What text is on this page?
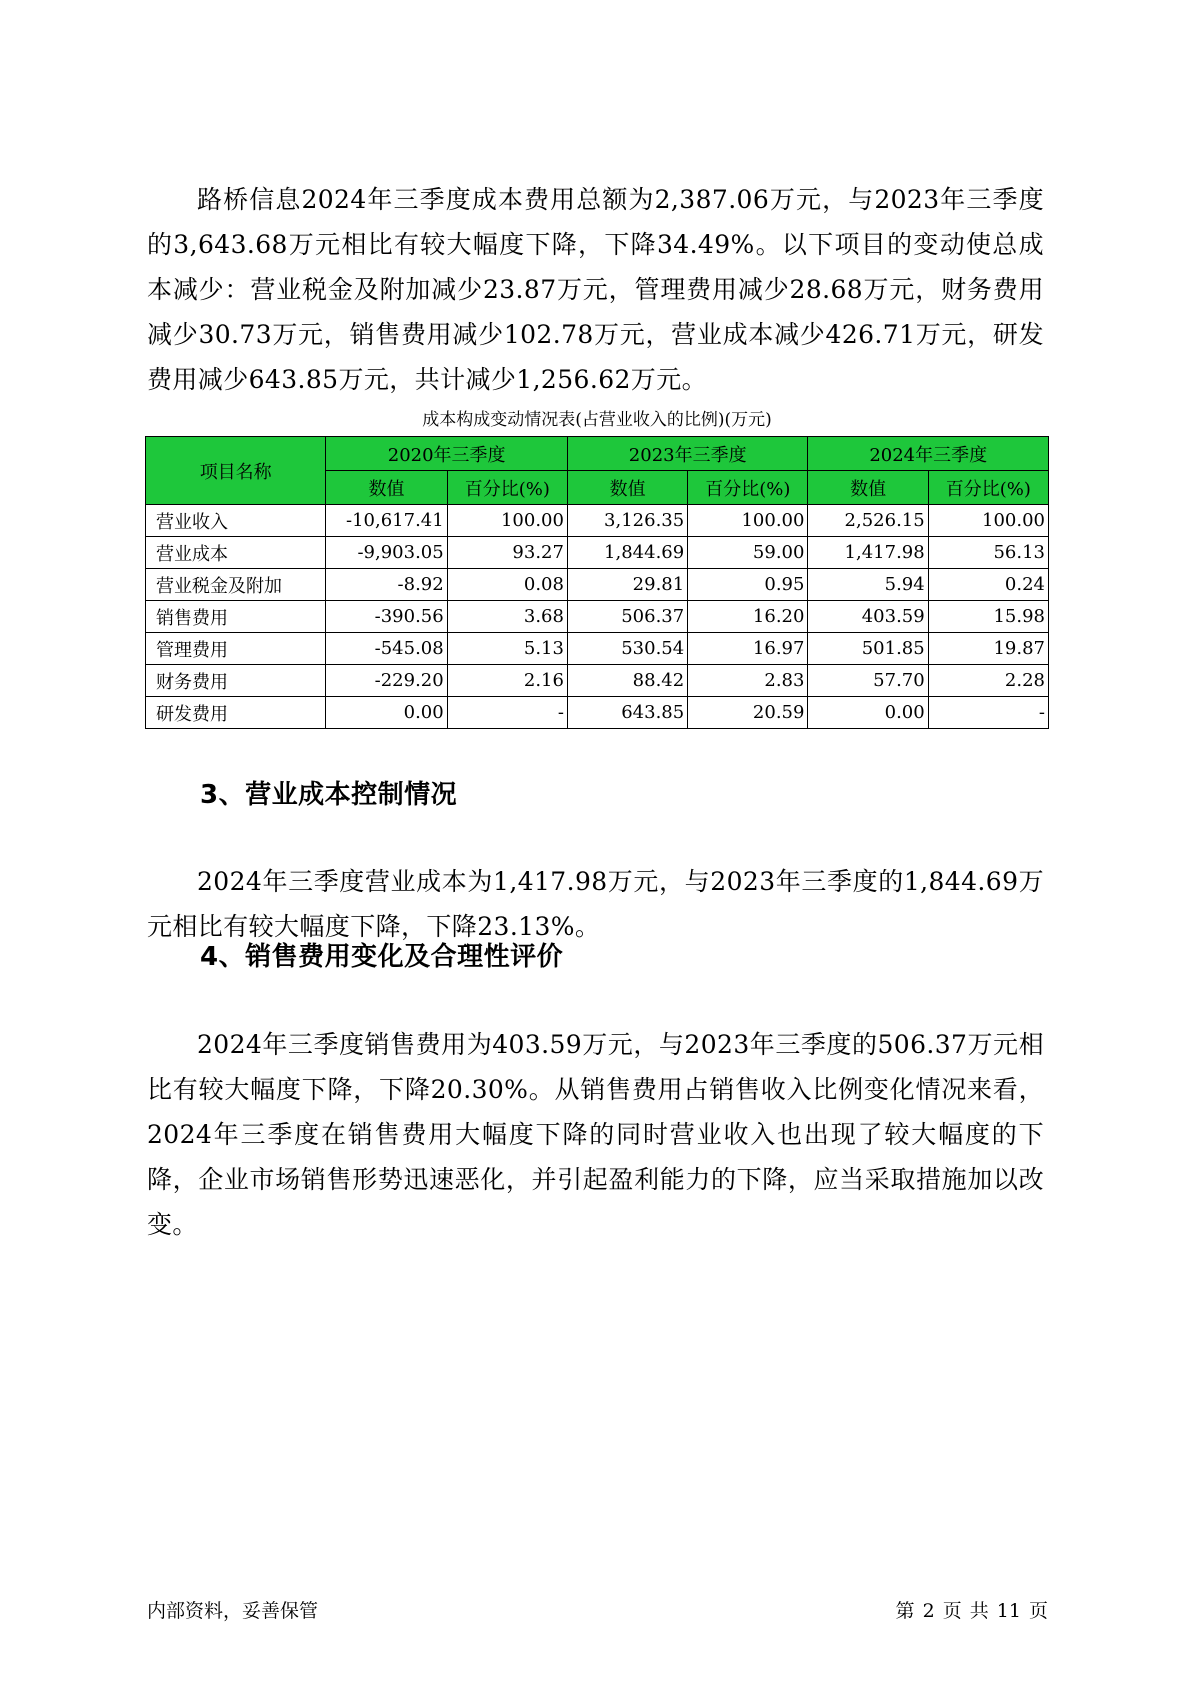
路桥信息2024年三季度成本费用总额为2,387.06万元，与2023年三季度的3,643.68万元相比有较大幅度下降，下降34.49%。以下项目的变动使总成本减少：营业税金及附加减少23.87万元，管理费用减少28.68万元，财务费用减少30.73万元，销售费用减少102.78万元，营业成本减少426.71万元，研发费用减少643.85万元，共计减少1,256.62万元。

成本构成变动情况表(占营业收入的比例)(万元)
项目名称	2020年三季度		2023年三季度		2024年三季度	
	数值	百分比(%)	数值	百分比(%)	数值	百分比(%)
营业收入	-10,617.41	100.00	3,126.35	100.00	2,526.15	100.00
营业成本	-9,903.05	93.27	1,844.69	59.00	1,417.98	56.13
营业税金及附加	-8.92	0.08	29.81	0.95	5.94	0.24
销售费用	-390.56	3.68	506.37	16.20	403.59	15.98
管理费用	-545.08	5.13	530.54	16.97	501.85	19.87
财务费用	-229.20	2.16	88.42	2.83	57.70	2.28
研发费用	0.00	-	643.85	20.59	0.00	-
3、营业成本控制情况

2024年三季度营业成本为1,417.98万元，与2023年三季度的1,844.69万元相比有较大幅度下降，下降23.13%。

4、销售费用变化及合理性评价

2024年三季度销售费用为403.59万元，与2023年三季度的506.37万元相比有较大幅度下降，下降20.30%。从销售费用占销售收入比例变化情况来看，2024年三季度在销售费用大幅度下降的同时营业收入也出现了较大幅度的下降，企业市场销售形势迅速恶化，并引起盈利能力的下降，应当采取措施加以改变。

内部资料，妥善保管	第 2 页 共 11 页
